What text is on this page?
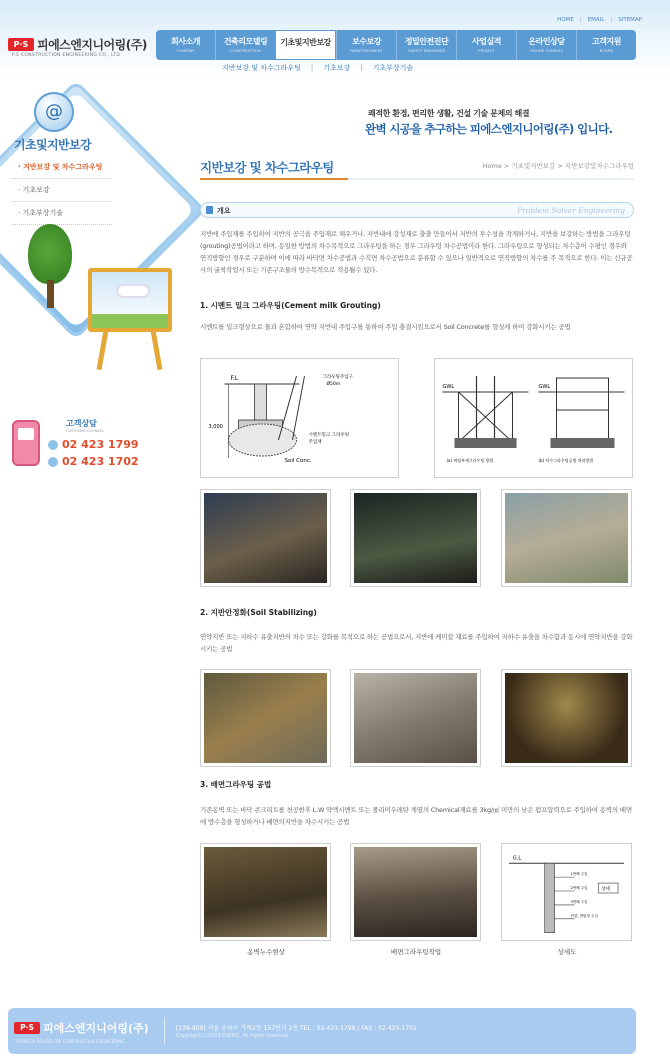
P·S 피에스엔지니어링(주)
P.S CONSTRUCTION ENGINEERING CO., LTD
HOME | EMAIL | SITEMAP
회사소개
COMPANY
건축리모델링
CONSTRUCTION
기초및지반보강	보수보강
REINFORCEMENT
정밀안전진단
SAFETY DIAGNOSIS
사업실적
PROJECT
온라인상담
ONLINE CONSULT
고객지원
BOARD
지반보강 및 차수그라우팅 | 기초보강 | 기초부상기술
@
기초및지반보강
· 지반보강 및 차수그라우팅
· 기초보강
· 기초부상기술
고객상담
CUSTOMER COUNSEL
02 423 1799
02 423 1702
쾌적한 환경, 편리한 생활, 건설 기술 문제의 해결
완벽 시공을 추구하는 피에스엔지니어링(주) 입니다.
지반보강 및 차수그라우팅	Home > 기초및지반보강 > 지반보강및차수그라우팅
개요	Problem Solver Engineering
지반에 주입재를 주입하여 지반의 공극을 주입재로 채우거나, 지반내에 강성재로 출출 만들어서 지반의 투수성을 작게하거나, 지반을 보강하는 방법을 그라우팅(grouting)공법이라고 하며, 동일한 방법의 차수목적으로 그라우팅을 하는 경우 그라우팅 차수공법이라 한다. 그라우팅으로 형성되는 차수층이 수평인 경우와 연직방향인 경우로 구분하며 이에 따라 바닥면 차수공법과 수직면 차수공법으로 분류할 수 있으나 일반적으로 연직방향의 차수를 주 목적으로 한다. 이는 신규공사의 굴착작업시 또는 기존구조물의 방수목적으로 적용될수 있다.
1. 시멘트 밀크 그라우팅(Cement milk Grouting)
시멘트를 밀크형상으로 물과 혼합하여 연약 지반내 주입구를 통하여 주입 충결시킴으로서 Soil Concrete를 형성케 하여 강화시키는 공법
F.L
3,000
그라우팅주입구
Ø50m
시멘트밀크 그라우팅
주입재
Soil Conc.
GWL	GWL
(a) 버팀부재그라우팅 방법	(b) 차수그라우팅공법 처리방법
2. 지반안정화(Soil Stabilizing)
연약지반 또는 지하수 유출지반의 차수 또는 강화를 목적으로 하는 공법으로서, 지반에 케미칼 재료를 주입하여 지하수 유출을 차수함과 동시에 연약지반을 강화시키는 공법
3. 배면그라우팅 공법
기존옹벽 또는 바닥 콘크리트를 천공한후 L.W 약액시멘트 또는 폴리머우레탄 계열의 Chemical재료를 3kg/㎠ 미만의 낮은 펌프압력으로 주입하여 옹벽의 배면에 방수층을 형성하거나 배면의지반을 차수시키는 공법
G.L
상세
1번째 주입
2번째 주입
3번째 주입
단함, 발림형 주입
옹벽누수현상	배면그라우팅작업	상세도
P·S 피에스엔지니어링(주)
PROBLEM SOLVER FOR CONSTRUCTION ENGINEERING
[138-809] 서울 송파구 가락2동 157번지 2층 TEL : 02-423-1799 / FAX : 02-423-1702
Copyright(C)2003 PSENG. All rights reserved.
